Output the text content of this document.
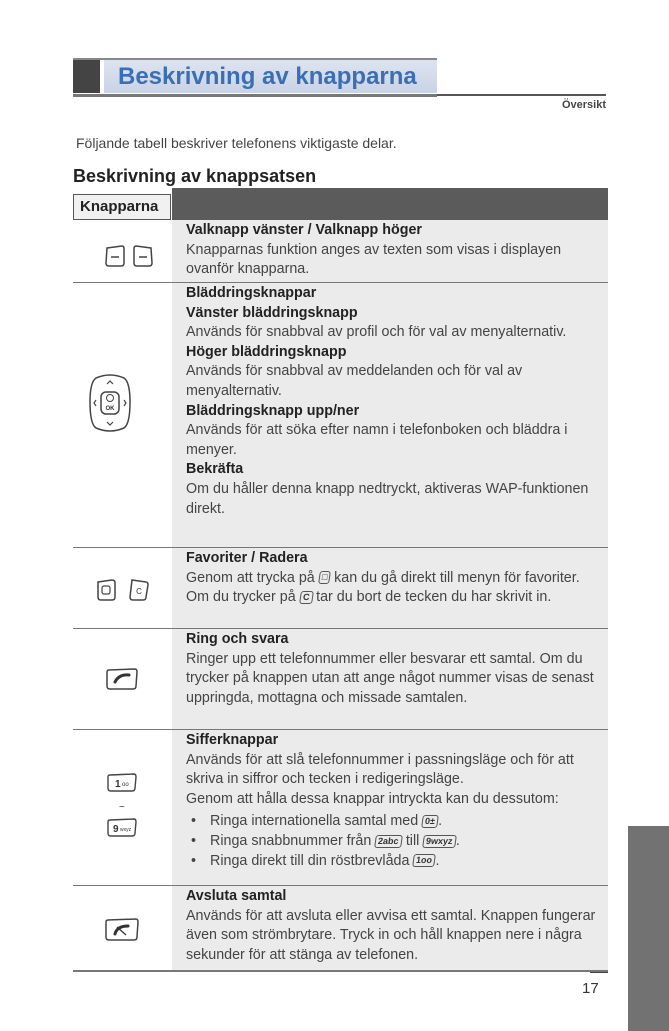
Beskrivning av knapparna
Översikt
Följande tabell beskriver telefonens viktigaste delar.
Beskrivning av knappsatsen
Knapparna

Valknapp vänster / Valknapp höger

Knapparnas funktion anges av texten som visas i displayen ovanför knapparna.

OK

Bläddringsknappar

Vänster bläddringsknapp

Används för snabbval av profil och för val av menyalternativ.

Höger bläddringsknapp

Används för snabbval av meddelanden och för val av menyalternativ.

Bläddringsknapp upp/ner

Används för att söka efter namn i telefonboken och bläddra i menyer.

Bekräfta

Om du håller denna knapp nedtryckt, aktiveras WAP-funktionen direkt.

C

Favoriter / Radera

Genom att trycka på □ kan du gå direkt till menyn för favoriter. Om du trycker på C tar du bort de tecken du har skrivit in.

Ring och svara

Ringer upp ett telefonnummer eller besvarar ett samtal. Om du trycker på knappen utan att ange något nummer visas de senast uppringda, mottagna och missade samtalen.

1 oo
~
9 wxyz

Sifferknappar

Används för att slå telefonnummer i passningsläge och för att skriva in siffror och tecken i redigeringsläge.

Genom att hålla dessa knappar intryckta kan du dessutom:

• Ringa internationella samtal med 0± .

• Ringa snabbnummer från 2abc till 9wxyz .

• Ringa direkt till din röstbrevlåda 1oo .

Avsluta samtal

Används för att avsluta eller avvisa ett samtal. Knappen fungerar även som strömbrytare. Tryck in och håll knappen nere i några sekunder för att stänga av telefonen.

17
